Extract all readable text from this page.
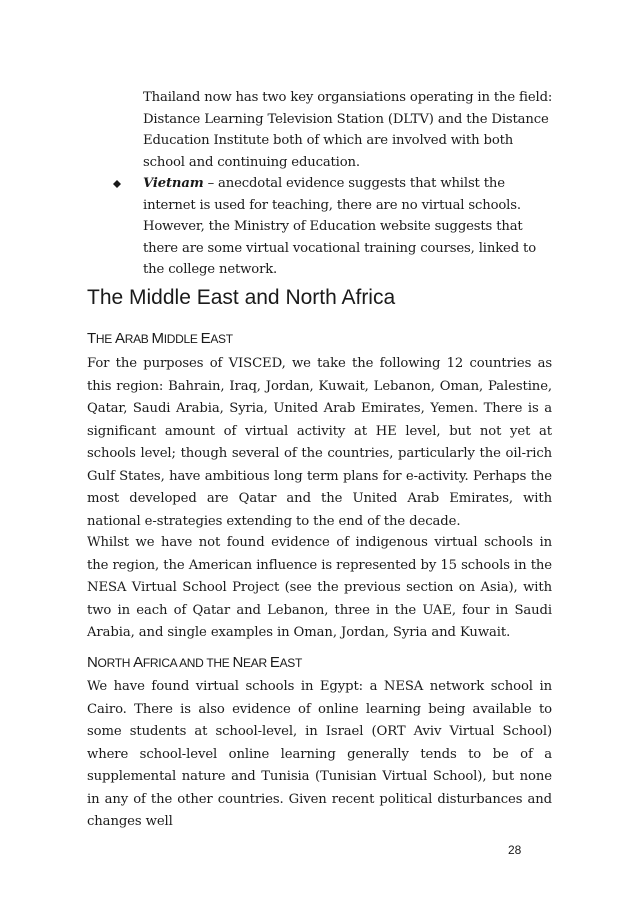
Thailand now has two key organsiations operating in the field: Distance Learning Television Station (DLTV) and the Distance Education Institute both of which are involved with both school and continuing education.

Vietnam – anecdotal evidence suggests that whilst the internet is used for teaching, there are no virtual schools. However, the Ministry of Education website suggests that there are some virtual vocational training courses, linked to the college network.

The Middle East and North Africa
THE ARAB MIDDLE EAST

For the purposes of VISCED, we take the following 12 countries as this region: Bahrain, Iraq, Jordan, Kuwait, Lebanon, Oman, Palestine, Qatar, Saudi Arabia, Syria, United Arab Emirates, Yemen. There is a significant amount of virtual activity at HE level, but not yet at schools level; though several of the countries, particularly the oil-rich Gulf States, have ambitious long term plans for e-activity. Perhaps the most developed are Qatar and the United Arab Emirates, with national e-strategies extending to the end of the decade.

Whilst we have not found evidence of indigenous virtual schools in the region, the American influence is represented by 15 schools in the NESA Virtual School Project (see the previous section on Asia), with two in each of Qatar and Lebanon, three in the UAE, four in Saudi Arabia, and single examples in Oman, Jordan, Syria and Kuwait.

NORTH AFRICA AND THE NEAR EAST

We have found virtual schools in Egypt: a NESA network school in Cairo. There is also evidence of online learning being available to some students at school-level, in Israel (ORT Aviv Virtual School) where school-level online learning generally tends to be of a supplemental nature and Tunisia (Tunisian Virtual School), but none in any of the other countries. Given recent political disturbances and changes well

28
